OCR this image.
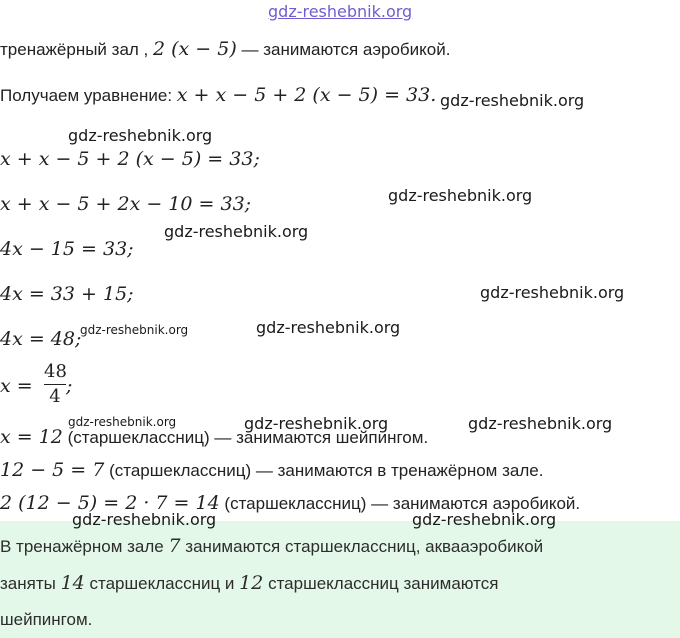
gdz-reshebnik.org
тренажёрный зал , 2 (x − 5) — занимаются аэробикой.
Получаем уравнение: x + x − 5 + 2 (x − 5) = 33. gdz-reshebnik.org
gdz-reshebnik.org
x + x − 5 + 2 (x − 5) = 33;
gdz-reshebnik.org
x + x − 5 + 2x − 10 = 33;
gdz-reshebnik.org
4x − 15 = 33;
4x = 33 + 15;	gdz-reshebnik.org
4x = 48;
gdz-reshebnik.org	gdz-reshebnik.org
x =
48
4 ;
gdz-reshebnik.org	gdz-reshebnik.org	gdz-reshebnik.org
x = 12 (старшеклассниц) — занимаются шейпингом.
12 − 5 = 7 (старшеклассниц) — занимаются в тренажёрном зале.
2 (12 − 5) = 2 · 7 = 14 (старшеклассниц) — занимаются аэробикой.
В тренажёрном зале 7 занимаются старшеклассниц, аквааэробикой
заняты 14 старшеклассниц и 12 старшеклассниц занимаются
шейпингом.
gdz-reshebnik.org	gdz-reshebnik.org
